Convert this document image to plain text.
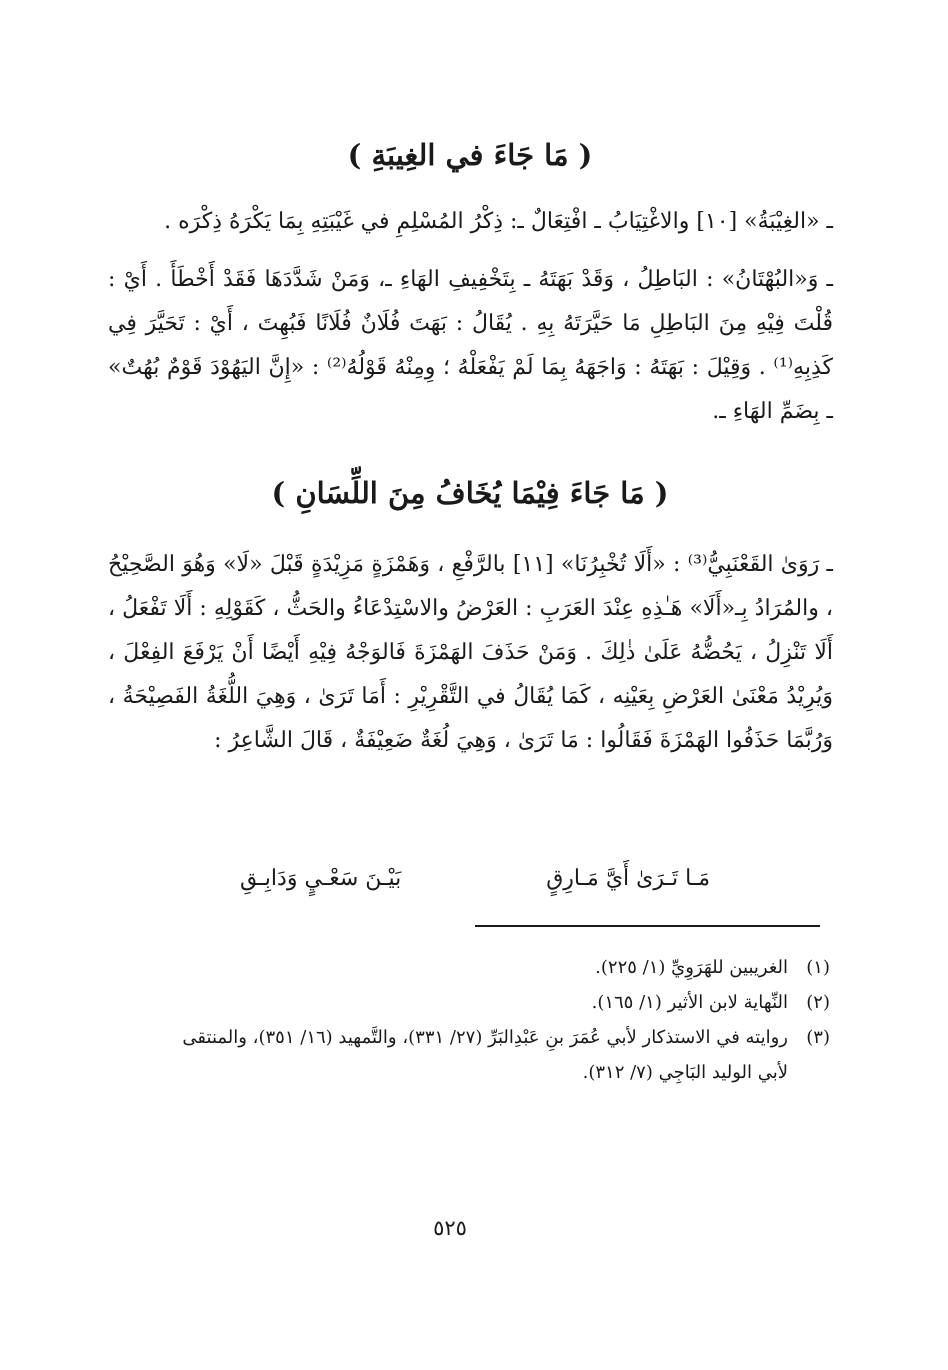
( مَا جَاءَ في الغِيبَةِ )
ـ «الغِيْبَةُ» [١٠] والاغْتِيَابُ ـ افْتِعَالٌ ـ: ذِكْرُ المُسْلِمِ في غَيْبَتِهِ بِمَا يَكْرَهُ ذِكْرَه .
ـ وَ«البُهْتَانُ» : البَاطِلُ ، وَقَدْ بَهَتَهُ ـ بِتَخْفِيفِ الهَاءِ ـ، وَمَنْ شَدَّدَهَا فَقَدْ أَخْطَأَ . أَيْ : قُلْتَ فِيْهِ مِنَ البَاطِلِ مَا حَيَّرَتَهُ بِهِ . يُقَالُ : بَهَتَ فُلَانٌ فُلَانًا فَبُهِتَ ، أَيْ : تَحَيَّرَ فِي كَذِبِهِ⁽¹⁾ . وَقِيْلَ : بَهَتَهُ : وَاجَهَهُ بِمَا لَمْ يَفْعَلْهُ ؛ وِمِنْهُ قَوْلُهُ⁽²⁾ : «إِنَّ اليَهُوْدَ قَوْمٌ بُهُتٌ» ـ بِضَمِّ الهَاءِ ـ.
( مَا جَاءَ فِيْمَا يُخَافُ مِنَ اللِّسَانِ )
ـ رَوَىٰ القَعْنَبِيُّ⁽³⁾ : «أَلَا تُخْبِرُنَا» [١١] بالرَّفْعِ ، وَهَمْزَةٍ مَزِيْدَةٍ قَبْلَ «لَا» وَهُوَ الصَّحِيْحُ ، والمُرَادُ بِـ«أَلَا» هَـٰذِهِ عِنْدَ العَرَبِ : العَرْضُ والاسْتِدْعَاءُ والحَثُّ ، كَقَوْلِهِ : أَلَا تَفْعَلُ ، أَلَا تَنْزِلُ ، يَحُضُّهُ عَلَىٰ ذٰلِكَ . وَمَنْ حَذَفَ الهَمْزَةَ فَالوَجْهُ فِيْهِ أَيْضًا أَنْ يَرْفَعَ الفِعْلَ ، وَيُرِيْدُ مَعْنَىٰ العَرْضِ بِعَيْنِه ، كَمَا يُقَالُ في التَّقْرِيْرِ : أَمَا تَرَىٰ ، وَهِيَ اللُّغَةُ الفَصِيْحَةُ ، وَرُبَّمَا حَذَفُوا الهَمْزَةَ فَقَالُوا : مَا تَرَىٰ ، وَهِيَ لُغَةٌ ضَعِيْفَةٌ ، قَالَ الشَّاعِرُ :
مَـا تَـرَىٰ أَيَّ مَـارِقٍ
بَيْـنَ سَعْـيٍ وَدَابِـقِ
(١)
الغريبين للهَرَوِيِّ (١/ ٢٢٥).
(٢)
النِّهاية لابن الأثير (١/ ١٦٥).
(٣)
روايته في الاستذكار لأبي عُمَرَ بنِ عَبْدِالبَرِّ (٢٧/ ٣٣١)، والتَّمهيد (١٦/ ٣٥١)، والمنتقى
لأبي الوليد البَاجِي (٧/ ٣١٢).
٥٢٥
